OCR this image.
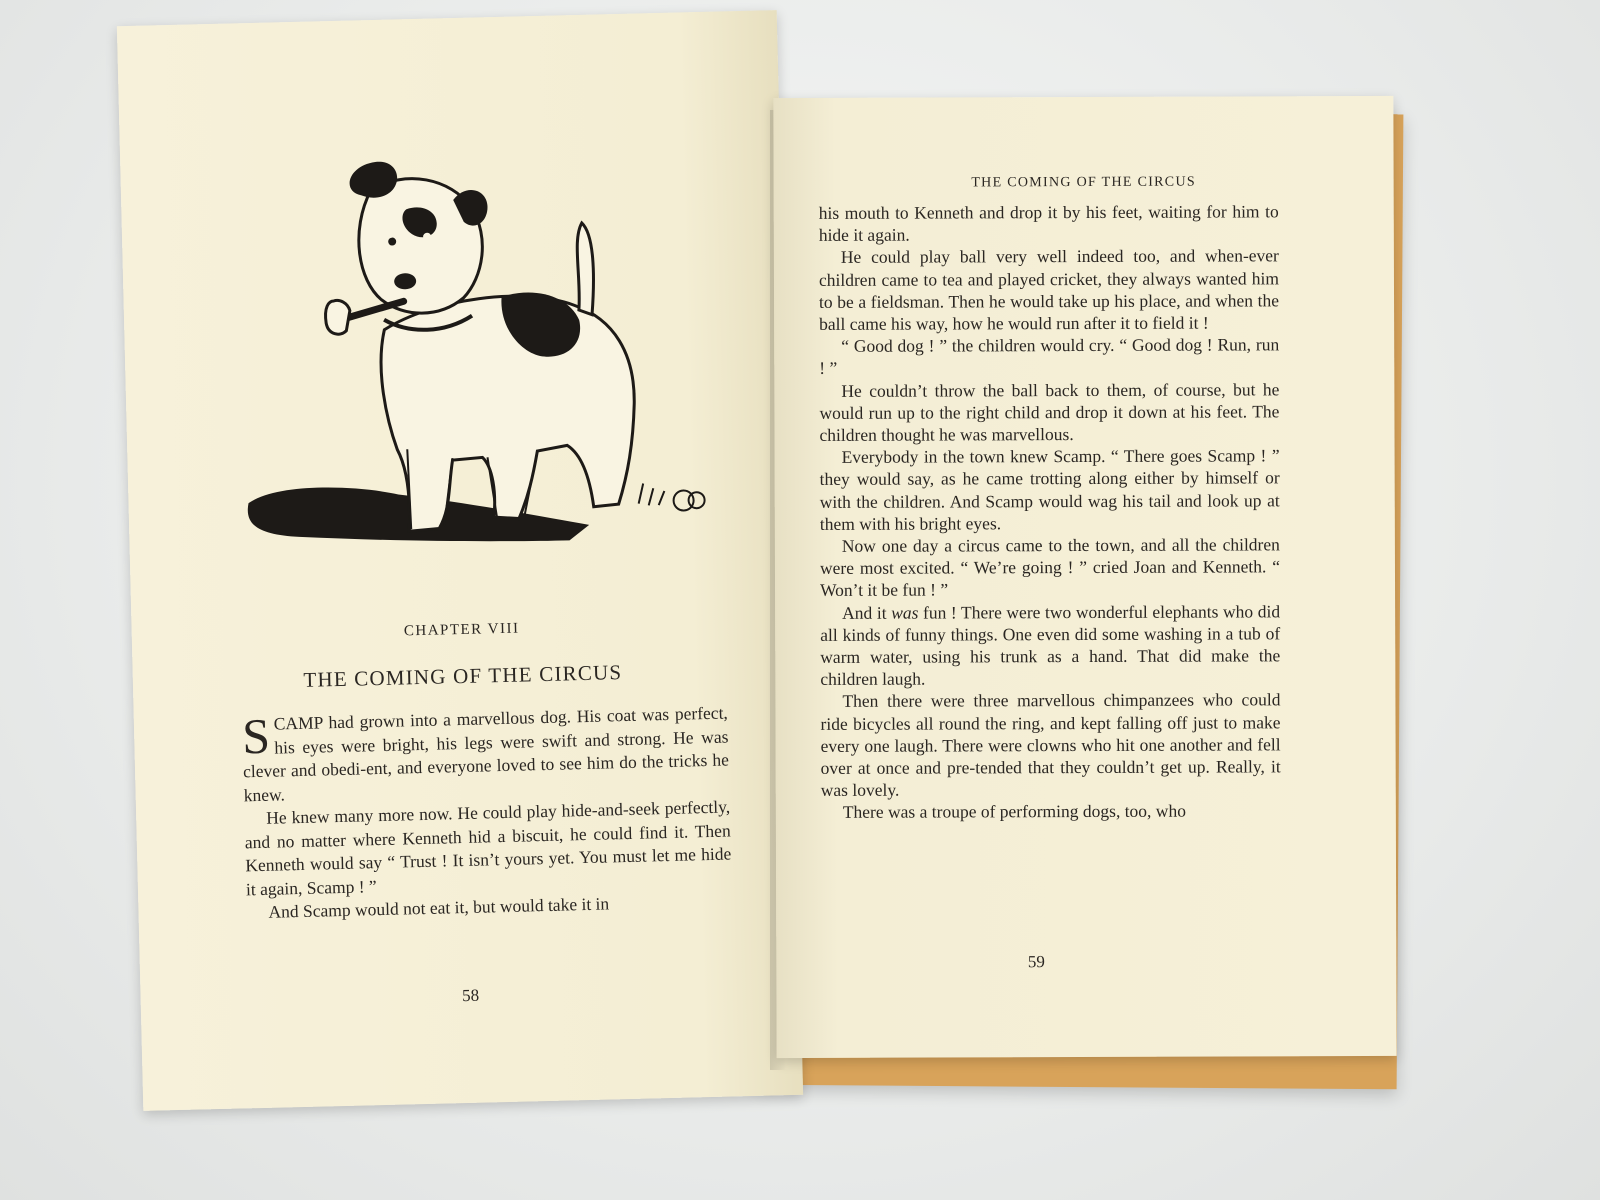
CHAPTER VIII
THE COMING OF THE CIRCUS

SCAMP had grown into a marvellous dog. His coat was perfect, his eyes were bright, his legs were swift and strong. He was clever and obedi-ent, and everyone loved to see him do the tricks he knew.

He knew many more now. He could play hide-and-seek perfectly, and no matter where Kenneth hid a biscuit, he could find it. Then Kenneth would say “ Trust ! It isn’t yours yet. You must let me hide it again, Scamp ! ”

And Scamp would not eat it, but would take it in

58
THE COMING OF THE CIRCUS

his mouth to Kenneth and drop it by his feet, waiting for him to hide it again.

He could play ball very well indeed too, and when-ever children came to tea and played cricket, they always wanted him to be a fieldsman. Then he would take up his place, and when the ball came his way, how he would run after it to field it !

“ Good dog ! ” the children would cry. “ Good dog ! Run, run ! ”

He couldn’t throw the ball back to them, of course, but he would run up to the right child and drop it down at his feet. The children thought he was marvellous.

Everybody in the town knew Scamp. “ There goes Scamp ! ” they would say, as he came trotting along either by himself or with the children. And Scamp would wag his tail and look up at them with his bright eyes.

Now one day a circus came to the town, and all the children were most excited. “ We’re going ! ” cried Joan and Kenneth. “ Won’t it be fun ! ”

And it was fun ! There were two wonderful elephants who did all kinds of funny things. One even did some washing in a tub of warm water, using his trunk as a hand. That did make the children laugh.

Then there were three marvellous chimpanzees who could ride bicycles all round the ring, and kept falling off just to make every one laugh. There were clowns who hit one another and fell over at once and pre-tended that they couldn’t get up. Really, it was lovely.

There was a troupe of performing dogs, too, who

59
